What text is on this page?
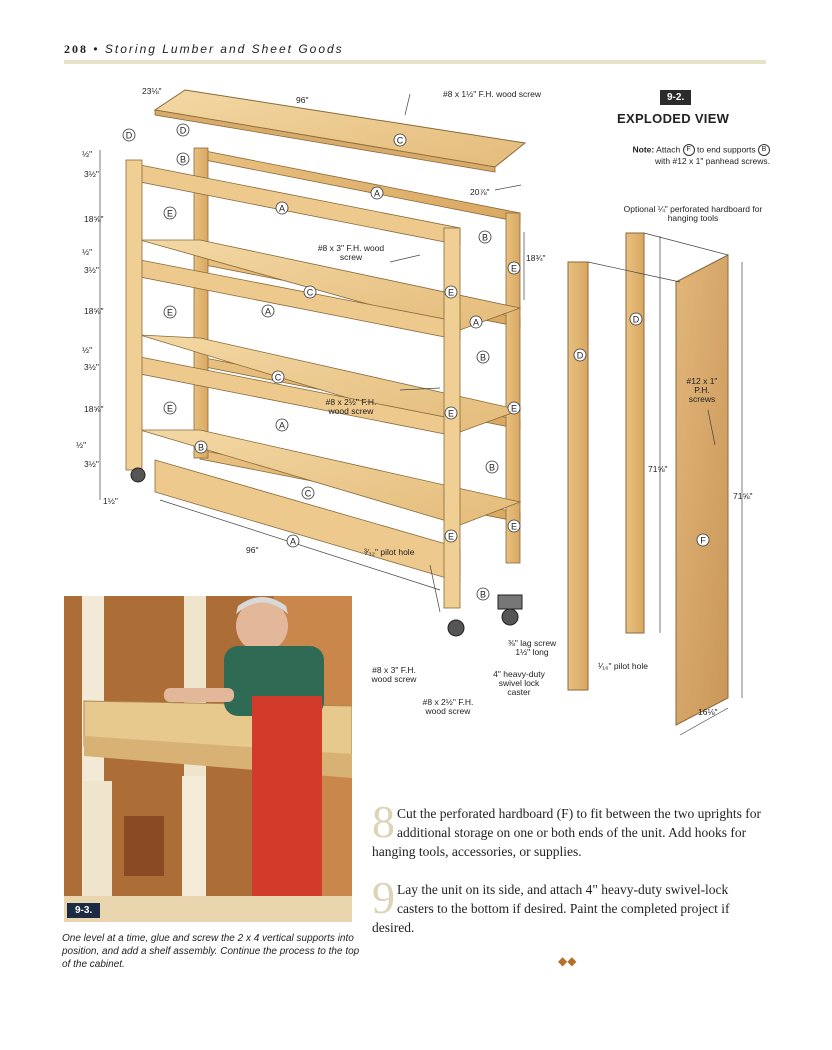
208 • Storing Lumber and Sheet Goods
D	D
B
C
A
A
E
B
E
C	E
A
E
A
B
C
E	E
E
A
B
B
C
E
E
A
B
D
D
F
23⅛"
96"
20⅞"
18¾"
½"
3½"
18⅝"
½"
3½"
18⅝"
½"
3½"
18⅝"
½"
3½"
1½"
96"
71⅝"
71⅝"
16⅛"
#8 x 1½" F.H. wood screw
#8 x 3" F.H. wood screw
#8 x 2½" F.H. wood screw
³⁄₃₂" pilot hole
#8 x 3" F.H. wood screw
#8 x 2½" F.H. wood screw
⅜" lag screw 1½" long
4" heavy-duty swivel lock caster
¹⁄₁₆" pilot hole
Optional ¼" perforated hardboard for hanging tools
#12 x 1" P.H. screws
9-2.
EXPLODED VIEW
Note: Attach F to end supports B
with #12 x 1" panhead screws.
9-3.
One level at a time, glue and screw the 2 x 4 vertical supports into position, and add a shelf assembly. Continue the process to the top of the cabinet.
8 Cut the perforated hardboard (F) to fit between the two uprights for additional storage on one or both ends of the unit. Add hooks for hanging tools, accessories, or supplies.
9 Lay the unit on its side, and attach 4" heavy-duty swivel-lock casters to the bottom if desired. Paint the completed project if desired.
◆◆
